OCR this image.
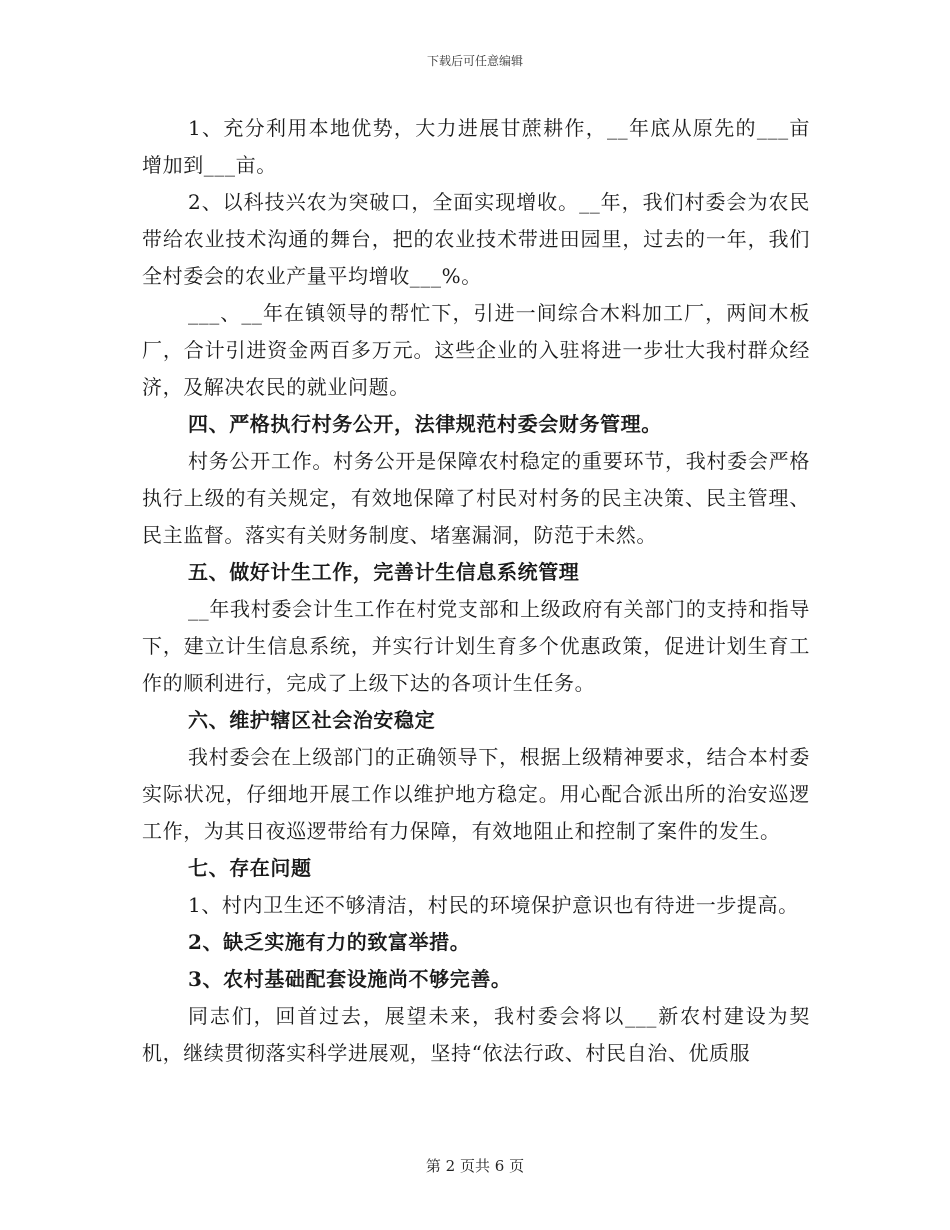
下载后可任意编辑

1、充分利用本地优势，大力进展甘蔗耕作，__年底从原先的___亩增加到___亩。

2、以科技兴农为突破口，全面实现增收。__年，我们村委会为农民带给农业技术沟通的舞台，把的农业技术带进田园里，过去的一年，我们全村委会的农业产量平均增收___%。

___、__年在镇领导的帮忙下，引进一间综合木料加工厂，两间木板厂，合计引进资金两百多万元。这些企业的入驻将进一步壮大我村群众经济，及解决农民的就业问题。

四、严格执行村务公开，法律规范村委会财务管理。

村务公开工作。村务公开是保障农村稳定的重要环节，我村委会严格执行上级的有关规定，有效地保障了村民对村务的民主决策、民主管理、民主监督。落实有关财务制度、堵塞漏洞，防范于未然。

五、做好计生工作，完善计生信息系统管理

__年我村委会计生工作在村党支部和上级政府有关部门的支持和指导下，建立计生信息系统，并实行计划生育多个优惠政策，促进计划生育工作的顺利进行，完成了上级下达的各项计生任务。

六、维护辖区社会治安稳定

我村委会在上级部门的正确领导下，根据上级精神要求，结合本村委实际状况，仔细地开展工作以维护地方稳定。用心配合派出所的治安巡逻工作，为其日夜巡逻带给有力保障，有效地阻止和控制了案件的发生。

七、存在问题

1、村内卫生还不够清洁，村民的环境保护意识也有待进一步提高。

2、缺乏实施有力的致富举措。

3、农村基础配套设施尚不够完善。

同志们，回首过去，展望未来，我村委会将以___新农村建设为契机，继续贯彻落实科学进展观，坚持“依法行政、村民自治、优质服

第 2 页共 6 页
